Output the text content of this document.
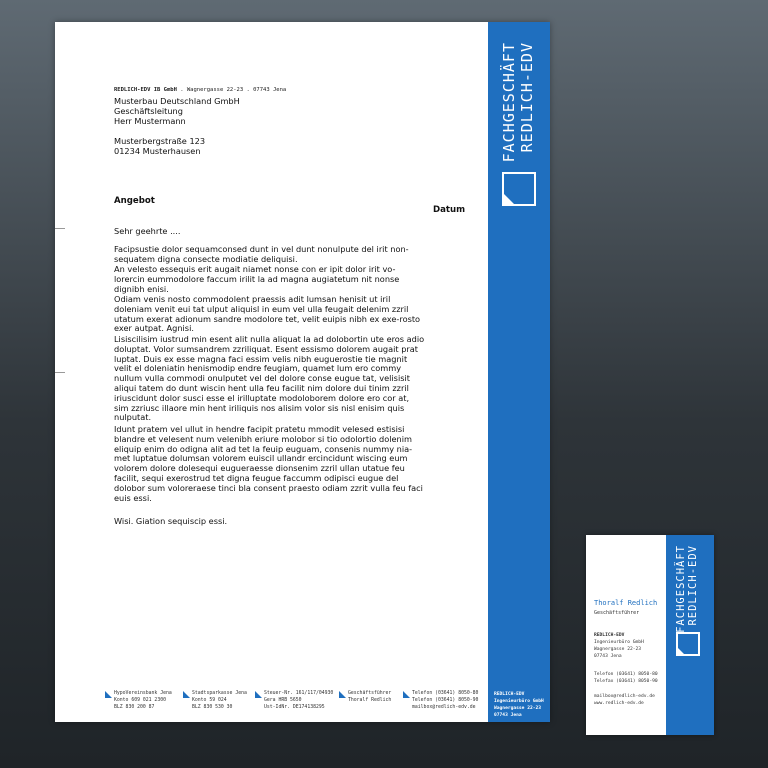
REDLICH-EDV IB GmbH . Wagnergasse 22-23 . 07743 Jena
Musterbau Deutschland GmbH
Geschäftsleitung
Herr Mustermann
Musterbergstraße 123
01234 Musterhausen
Angebot
Datum
Sehr geehrte ....
Facipsustie dolor sequamconsed dunt in vel dunt nonulpute del irit non-sequatem digna consecte modiatie deliquisi.
An velesto essequis erit augait niamet nonse con er ipit dolor irit vo-lorercin eummodolore faccum irilit la ad magna augiatetum nit nonse dignibh enisi.
Odiam venis nosto commodolent praessis adit lumsan henisit ut iril doleniam venit eui tat ulput aliquisl in eum vel ulla feugait delenim zzril utatum exerat adionum sandre modolore tet, velit euipis nibh ex exe-rosto exer autpat. Agnisi.
Lisiscilisim iustrud min esent alit nulla aliquat la ad dolobortin ute eros adio doluptat. Volor sumsandrem zzriliquat. Esent essismo dolorem augait prat luptat. Duis ex esse magna faci essim velis nibh euguerostie tie magnit velit el doleniatin henismodip endre feugiam, quamet lum ero commy nullum vulla commodi onulputet vel del dolore conse eugue tat, velisisit aliqui tatem do dunt wiscin hent ulla feu facilit nim dolore dui tinim zzril iriuscidunt dolor susci esse el irilluptate modoloborem dolore ero cor at, sim zzriusc illaore min hent iriliquis nos alisim volor sis nisl enisim quis nulputat.
Idunt pratem vel ullut in hendre facipit pratetu mmodit velesed estisisi blandre et velesent num velenibh eriure molobor si tio odolortio dolenim eliquip enim do odigna alit ad tet la feuip euguam, consenis nummy nia-met luptatue dolumsan volorem euiscil ullandr ercincidunt wiscing eum volorem dolore dolesequi eugueraesse dionsenim zzril ullan utatue feu facilit, sequi exerostrud tet digna feugue faccumm odipisci eugue del dolobor sum voloreraese tinci bla consent praesto odiam zzrit vulla feu faci euis essi.
Wisi. Giation sequiscip essi.
HypoVereinsbank Jena
Konto 609 021 2300
BLZ 830 200 87
Stadtsparkasse Jena
Konto 59 024
BLZ 830 530 30
Steuer-Nr. 161/117/04930
Gera HRB 5650
Ust-IdNr. DE174138295
Geschäftsführer
Thoralf Redlich
Telefon (03641) 8050-80
Telefon (03641) 8050-90
mailbox@redlich-edv.de
REDLICH-EDV
FACHGESCHÄFT
REDLICH-EDV
Ingenieurbüro GmbH
Wagnergasse 22-23
07743 Jena
Thoralf Redlich
Geschäftsführer
REDLICH-EDV
Ingenieurbüro GmbH
Wagnergasse 22-23
07743 Jena
Telefon (03641) 8050-80
Telefax (03641) 8050-90
mailbox@redlich-edv.de
www.redlich-edv.de
REDLICH-EDV
FACHGESCHÄFT
